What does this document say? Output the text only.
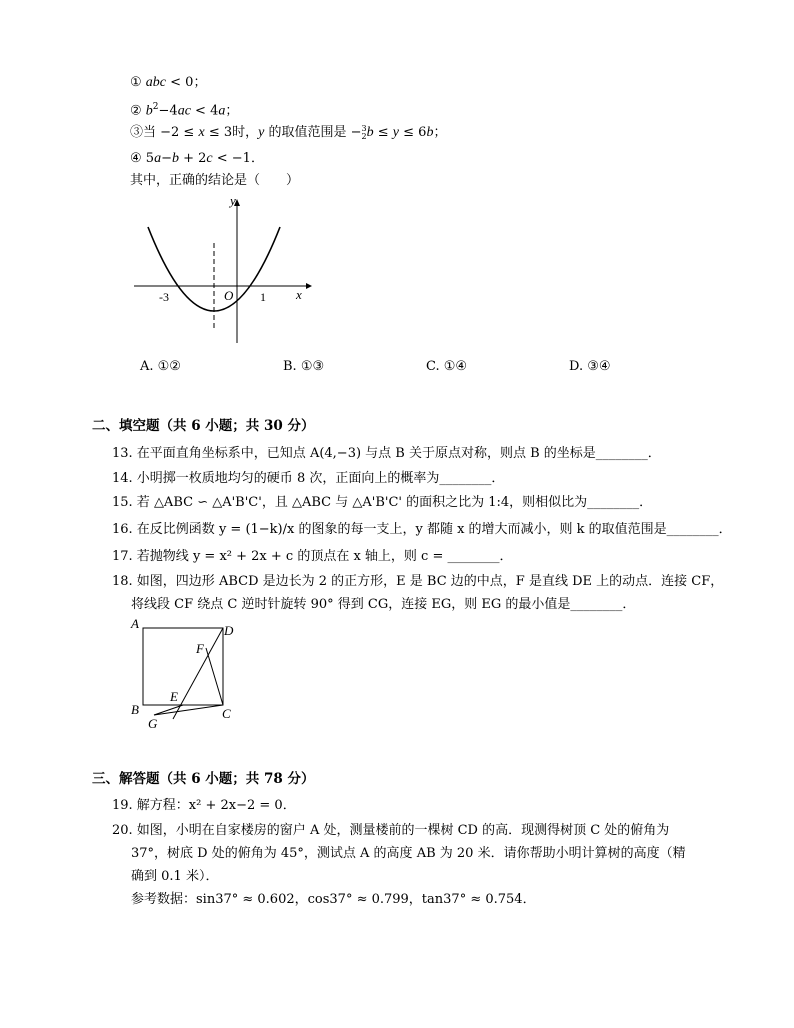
① abc < 0；
② $b^2-4ac < 4a$；
③当 −2 ≤ x ≤ 3时，y 的取值范围是 −3
2b ≤ y ≤ 6b；
④ 5a−b + 2c < −1．
其中，正确的结论是（　　）
y
x
O
-3	1
A. ①②	B. ①③	C. ①④	D. ③④
二、填空题（共 6 小题；共 30 分）
13. 在平面直角坐标系中，已知点 A(4,−3) 与点 B 关于原点对称，则点 B 的坐标是________．
14. 小明掷一枚质地均匀的硬币 8 次，正面向上的概率为________．
15. 若 △ABC ∽ △A'B'C'，且 △ABC 与 △A'B'C' 的面积之比为 1:4，则相似比为________．
16. 在反比例函数 y = (1−k)/x 的图象的每一支上，y 都随 x 的增大而减小，则 k 的取值范围是________．
17. 若抛物线 y = x² + 2x + c 的顶点在 x 轴上，则 c = ________．
18. 如图，四边形 ABCD 是边长为 2 的正方形，E 是 BC 边的中点，F 是直线 DE 上的动点．连接 CF，
将线段 CF 绕点 C 逆时针旋转 90° 得到 CG，连接 EG，则 EG 的最小值是________．
A	D
B	C
F
E
G
三、解答题（共 6 小题；共 78 分）
19. 解方程：x² + 2x−2 = 0．
20. 如图，小明在自家楼房的窗户 A 处，测量楼前的一棵树 CD 的高．现测得树顶 C 处的俯角为
37°，树底 D 处的俯角为 45°，测试点 A 的高度 AB 为 20 米．请你帮助小明计算树的高度（精
确到 0.1 米）．
参考数据：sin37° ≈ 0.602，cos37° ≈ 0.799，tan37° ≈ 0.754．
